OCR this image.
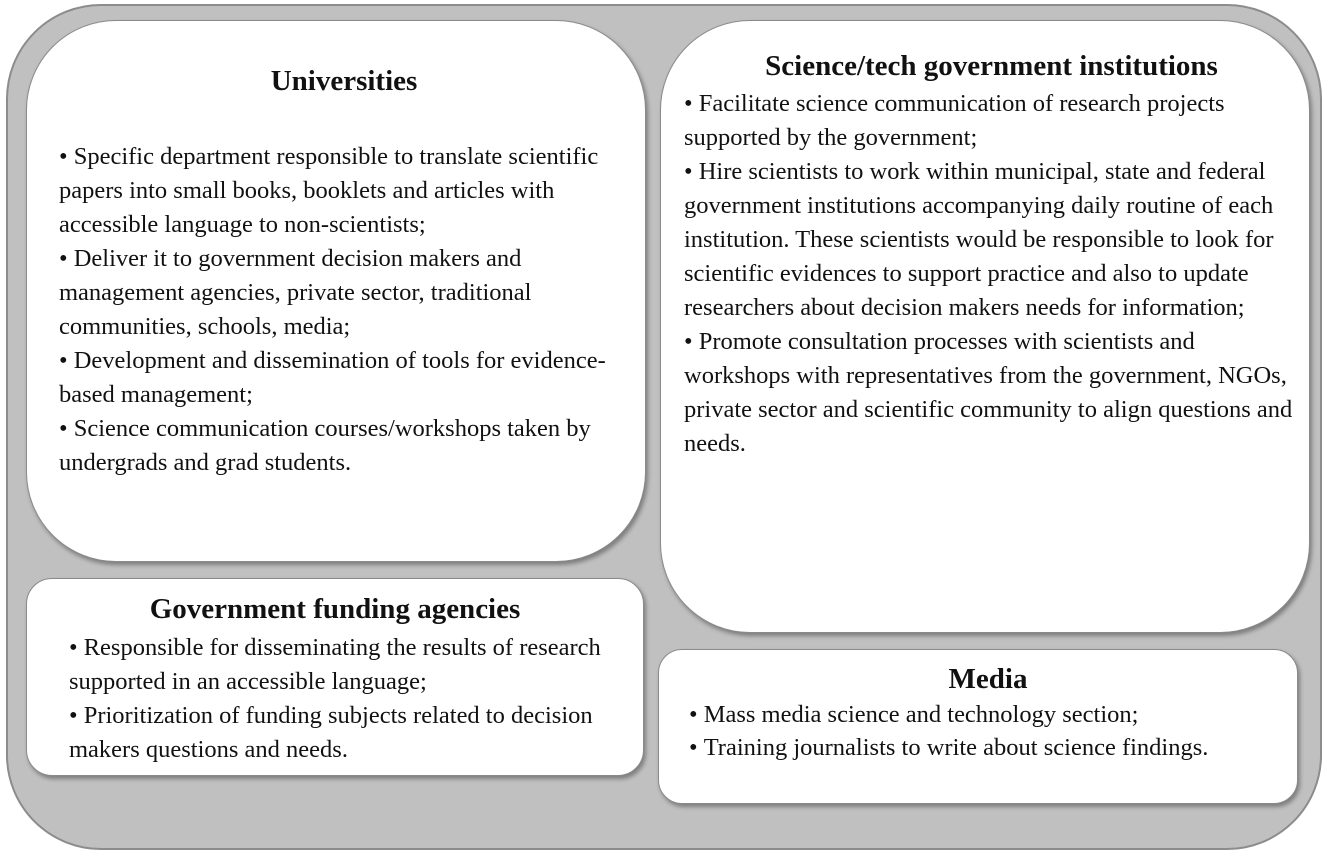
Universities
• Specific department responsible to translate scientific papers into small books, booklets and articles with accessible language to non-scientists;
• Deliver it to government decision makers and management agencies, private sector, traditional communities, schools, media;
• Development and dissemination of tools for evidence-based management;
• Science communication courses/workshops taken by undergrads and grad students.
Science/tech government institutions
• Facilitate science communication of research projects supported by the government;
• Hire scientists to work within municipal, state and federal government institutions accompanying daily routine of each institution. These scientists would be responsible to look for scientific evidences to support practice and also to update researchers about decision makers needs for information;
• Promote consultation processes with scientists and workshops with representatives from the government, NGOs, private sector and scientific community to align questions and needs.
Government funding agencies
• Responsible for disseminating the results of research supported in an accessible language;
• Prioritization of funding subjects related to decision makers questions and needs.
Media
• Mass media science and technology section;
• Training journalists to write about science findings.
